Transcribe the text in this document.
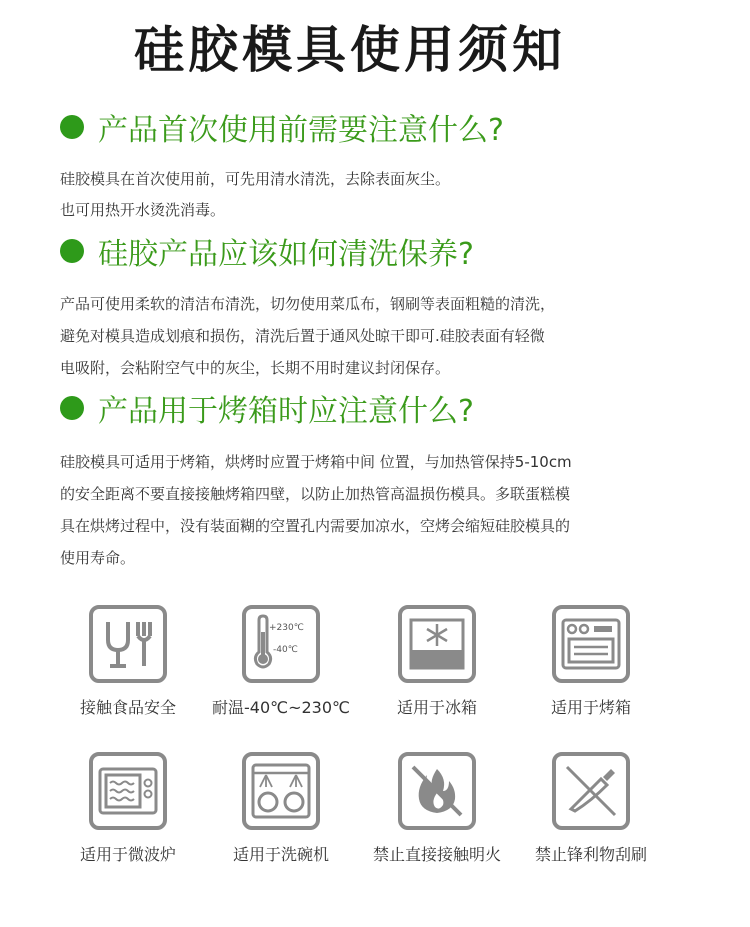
硅胶模具使用须知
产品首次使用前需要注意什么?

硅胶模具在首次使用前，可先用清水清洗，去除表面灰尘。

也可用热开水烫洗消毒。

硅胶产品应该如何清洗保养?

产品可使用柔软的清洁布清洗，切勿使用菜瓜布，钢刷等表面粗糙的清洗，

避免对模具造成划痕和损伤，清洗后置于通风处晾干即可.硅胶表面有轻微

电吸附，会粘附空气中的灰尘，长期不用时建议封闭保存。

产品用于烤箱时应注意什么?

硅胶模具可适用于烤箱，烘烤时应置于烤箱中间 位置，与加热管保持5-10cm

的安全距离不要直接接触烤箱四壁，以防止加热管高温损伤模具。多联蛋糕模

具在烘烤过程中，没有装面糊的空置孔内需要加凉水，空烤会缩短硅胶模具的

使用寿命。

接触食品安全
+230℃
-40℃
耐温-40℃~230℃	适用于冰箱	适用于烤箱
适用于微波炉	适用于洗碗机	禁止直接接触明火	禁止锋利物刮刷
